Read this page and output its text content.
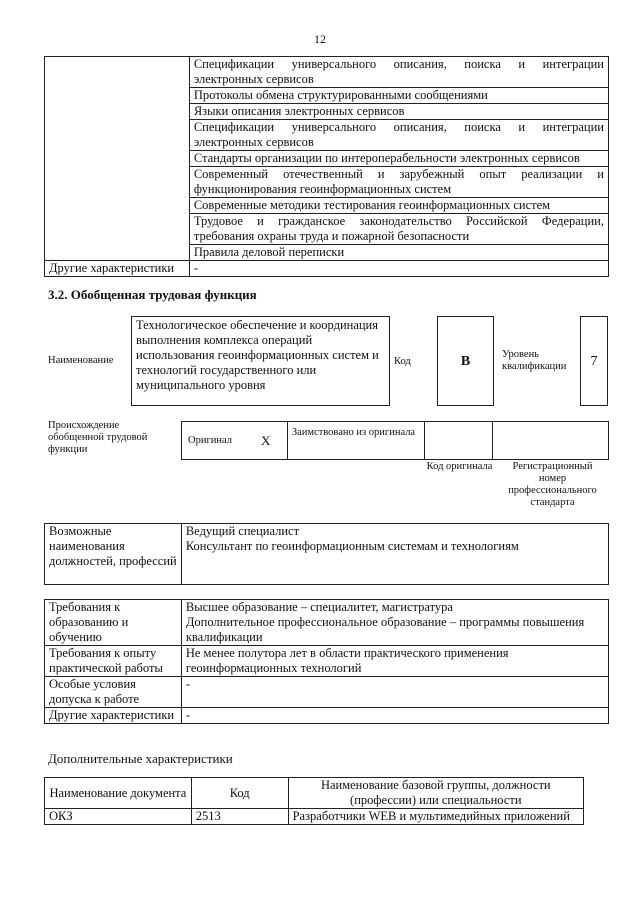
12
	Спецификации универсального описания, поиска и интеграции электронных сервисов
	Протоколы обмена структурированными сообщениями
	Языки описания электронных сервисов
	Спецификации универсального описания, поиска и интеграции электронных сервисов
	Стандарты организации по интероперабельности электронных сервисов
	Современный отечественный и зарубежный опыт реализации и функционирования геоинформационных систем
	Современные методики тестирования геоинформационных систем
	Трудовое и гражданское законодательство Российской Федерации, требования охраны труда и пожарной безопасности
	Правила деловой переписки
Другие характеристики	-
3.2. Обобщенная трудовая функция
Наименование
Технологическое обеспечение и координация выполнения комплекса операций использования геоинформационных систем и технологий государственного или муниципального уровня
Код	В	Уровень квалификации	7
Происхождение обобщенной трудовой функции
Оригинал	X	Заимствовано из оригинала		
Код оригинала	Регистрационный номер профессионального стандарта
Возможные наименования должностей, профессий	
Ведущий специалист
Консультант по геоинформационным системам и технологиям
Требования к образованию и обучению	Высшее образование – специалитет, магистратура
Дополнительное профессиональное образование – программы повышения квалификации

Требования к опыту практической работы	Не менее полутора лет в области практического применения геоинформационных технологий

Особые условия допуска к работе	-

Другие характеристики	-
Дополнительные характеристики
Наименование документа	Код	Наименование базовой группы, должности (профессии) или специальности
ОКЗ	2513	Разработчики WEB и мультимедийных приложений
